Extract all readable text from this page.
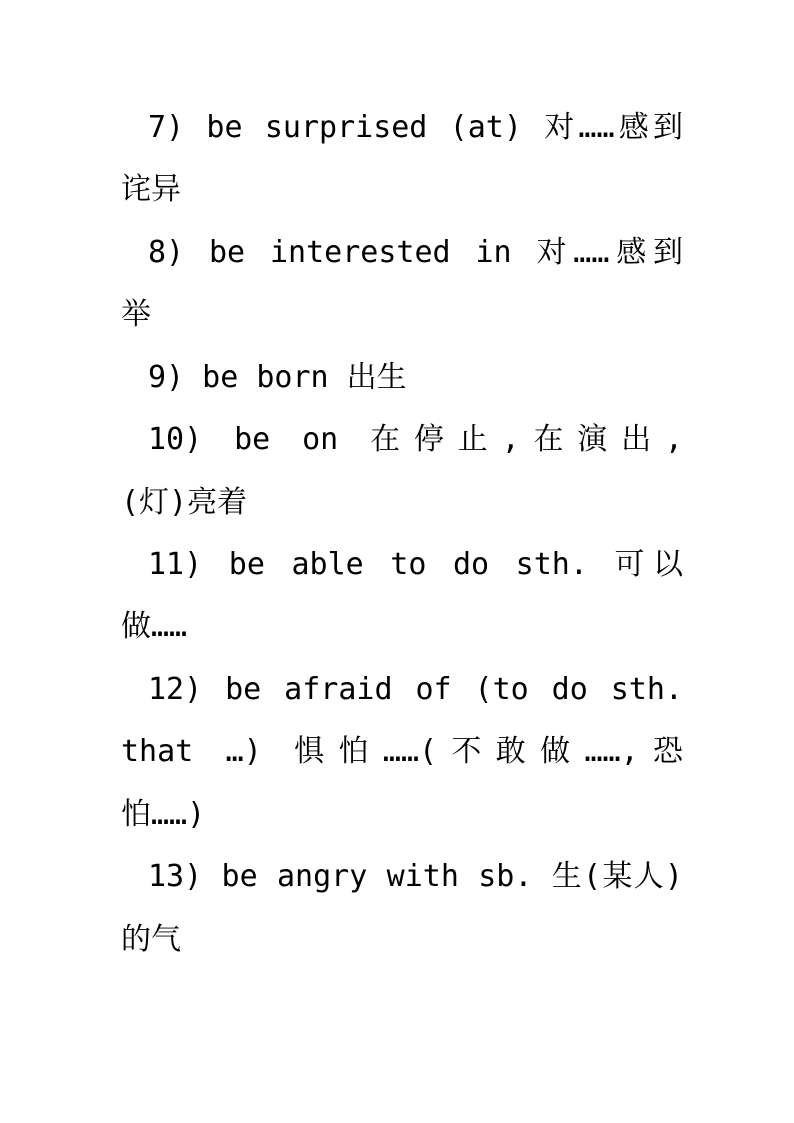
7) be surprised (at) 对……感到
诧异
8) be interested in 对……感到
举
9) be born 出生
10) be on 在停止,在演出,
(灯)亮着
11) be able to do sth. 可以
做……
12) be afraid of (to do sth.
that …) 惧怕……(不敢做……,恐
怕……)
13) be angry with sb. 生(某人)
的气
